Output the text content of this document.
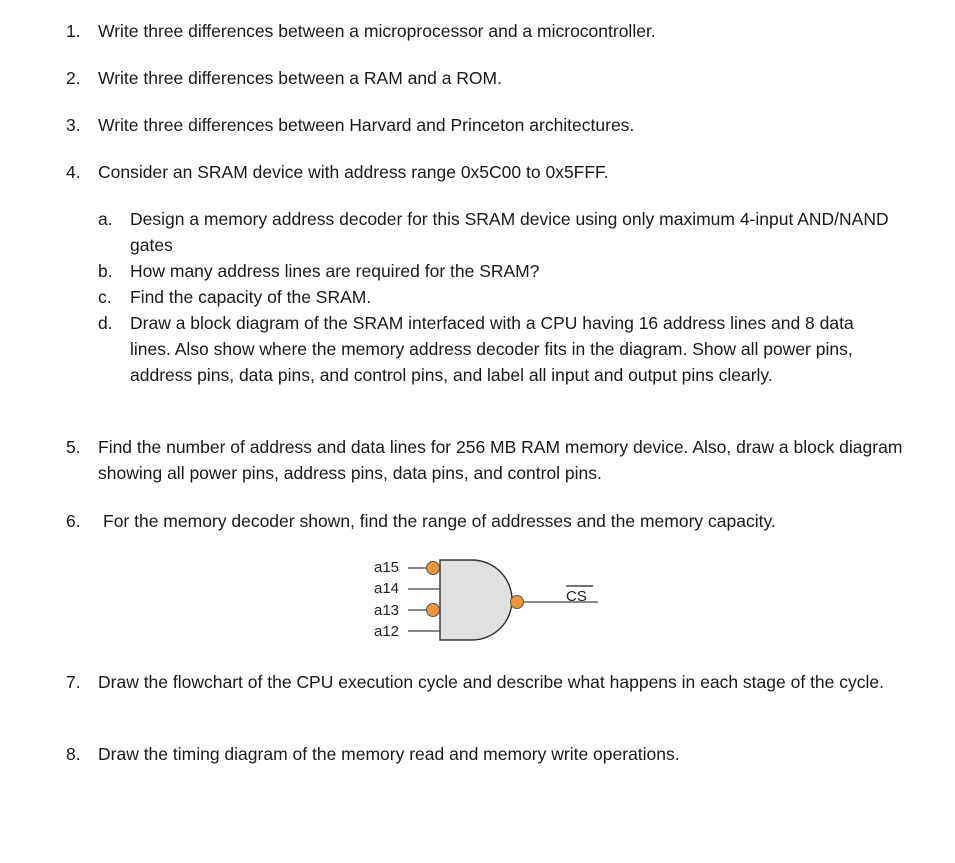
1. Write three differences between a microprocessor and a microcontroller.
2. Write three differences between a RAM and a ROM.
3. Write three differences between Harvard and Princeton architectures.
4. Consider an SRAM device with address range 0x5C00 to 0x5FFF.
a. Design a memory address decoder for this SRAM device using only maximum 4-input AND/NAND gates
b. How many address lines are required for the SRAM?
c. Find the capacity of the SRAM.
d. Draw a block diagram of the SRAM interfaced with a CPU having 16 address lines and 8 data lines. Also show where the memory address decoder fits in the diagram. Show all power pins, address pins, data pins, and control pins, and label all input and output pins clearly.
5. Find the number of address and data lines for 256 MB RAM memory device. Also, draw a block diagram showing all power pins, address pins, data pins, and control pins.
6. For the memory decoder shown, find the range of addresses and the memory capacity.
a15
a14
a13
a12
CS
7. Draw the flowchart of the CPU execution cycle and describe what happens in each stage of the cycle.
8. Draw the timing diagram of the memory read and memory write operations.
